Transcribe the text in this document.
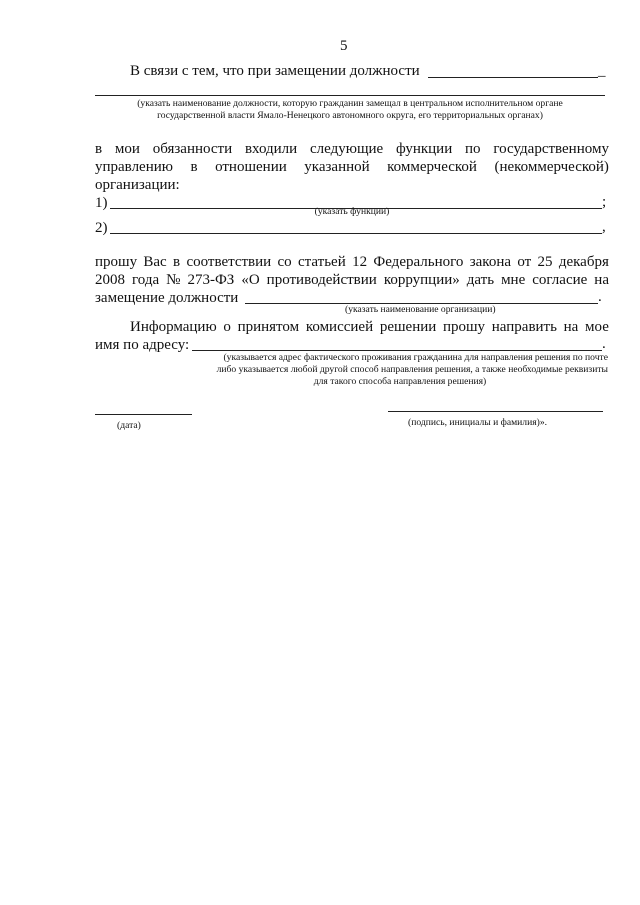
5
В связи с тем, что при замещении должности	_
(указать наименование должности, которую гражданин замещал в центральном исполнительном органе
государственной власти Ямало-Ненецкого автономного округа, его территориальных органах)
в мои обязанности входили следующие функции по государственному
управлению в отношении указанной коммерческой (некоммерческой)
организации:
1)	;
(указать функции)
2)	,
прошу Вас в соответствии со статьей 12 Федерального закона от 25 декабря
2008 года № 273-ФЗ «О противодействии коррупции» дать мне согласие на
замещение должности	.
(указать наименование организации)
Информацию о принятом комиссией решении прошу направить на мое
имя по адресу:	.
(указывается адрес фактического проживания гражданина для направления решения по почте
либо указывается любой другой способ направления решения, а также необходимые реквизиты
для такого способа направления решения)
(дата)	(подпись, инициалы и фамилия)».
